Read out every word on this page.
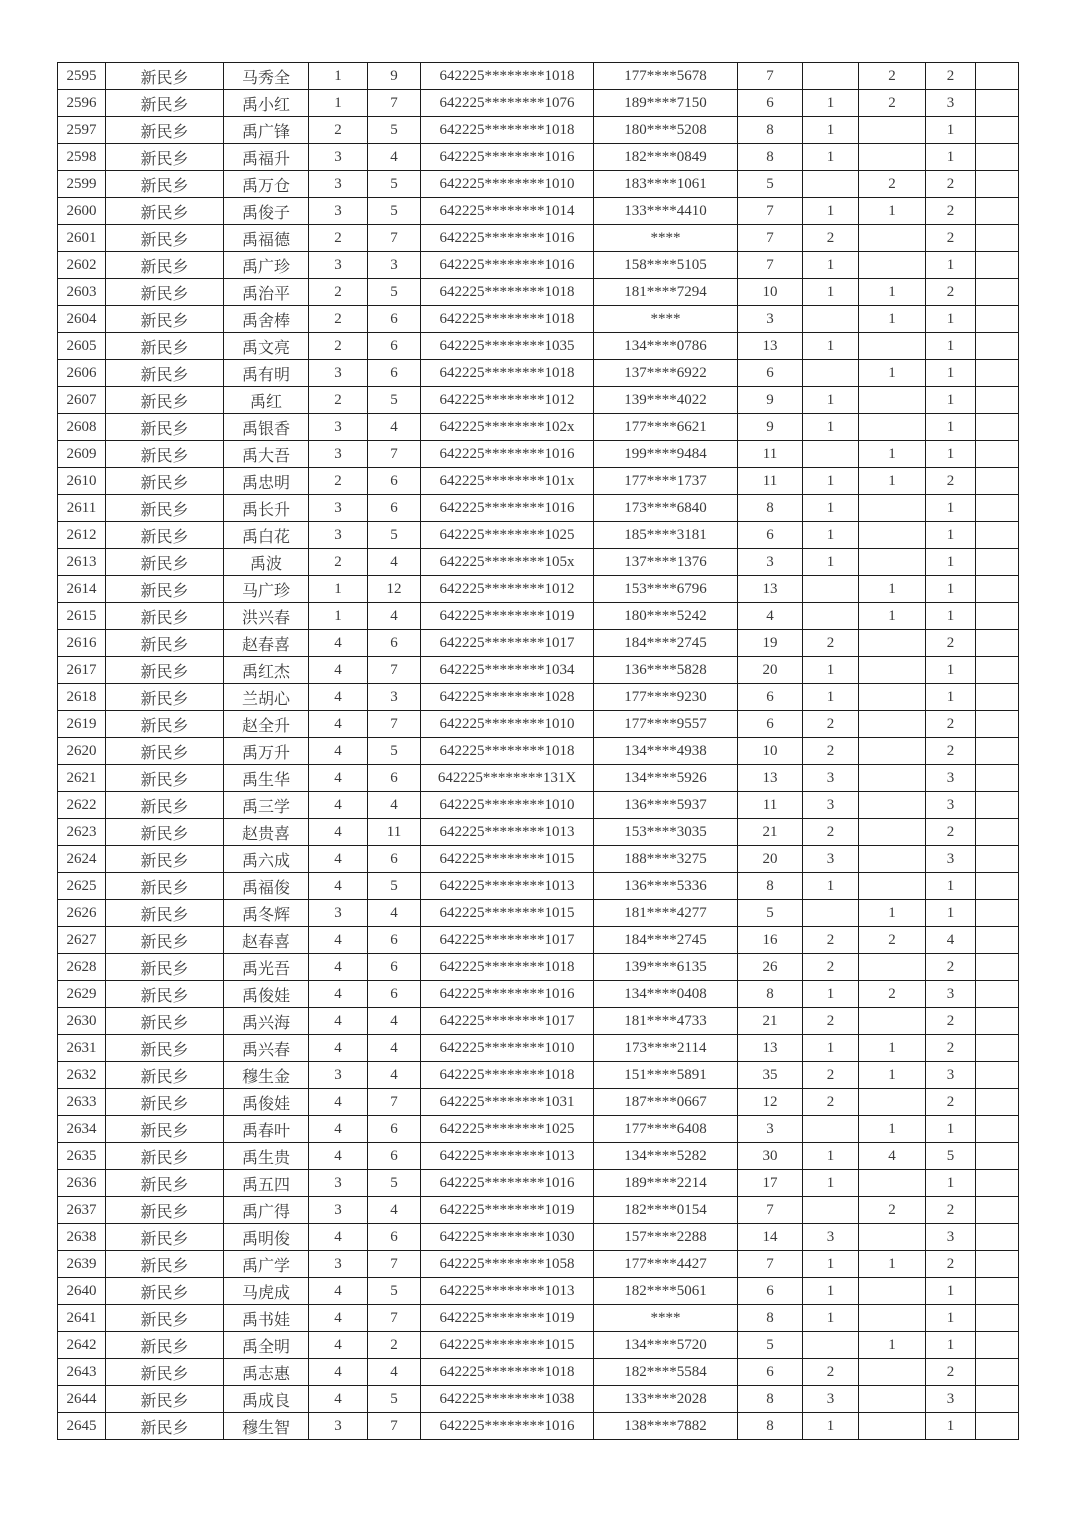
2595	新民乡	马秀全	1	9	642225********1018	177****5678	7		2	2	
2596	新民乡	禹小红	1	7	642225********1076	189****7150	6	1	2	3	
2597	新民乡	禹广锋	2	5	642225********1018	180****5208	8	1		1	
2598	新民乡	禹福升	3	4	642225********1016	182****0849	8	1		1	
2599	新民乡	禹万仓	3	5	642225********1010	183****1061	5		2	2	
2600	新民乡	禹俊子	3	5	642225********1014	133****4410	7	1	1	2	
2601	新民乡	禹福德	2	7	642225********1016	****	7	2		2	
2602	新民乡	禹广珍	3	3	642225********1016	158****5105	7	1		1	
2603	新民乡	禹治平	2	5	642225********1018	181****7294	10	1	1	2	
2604	新民乡	禹舍棒	2	6	642225********1018	****	3		1	1	
2605	新民乡	禹文亮	2	6	642225********1035	134****0786	13	1		1	
2606	新民乡	禹有明	3	6	642225********1018	137****6922	6		1	1	
2607	新民乡	禹红	2	5	642225********1012	139****4022	9	1		1	
2608	新民乡	禹银香	3	4	642225********102x	177****6621	9	1		1	
2609	新民乡	禹大吾	3	7	642225********1016	199****9484	11		1	1	
2610	新民乡	禹忠明	2	6	642225********101x	177****1737	11	1	1	2	
2611	新民乡	禹长升	3	6	642225********1016	173****6840	8	1		1	
2612	新民乡	禹白花	3	5	642225********1025	185****3181	6	1		1	
2613	新民乡	禹波	2	4	642225********105x	137****1376	3	1		1	
2614	新民乡	马广珍	1	12	642225********1012	153****6796	13		1	1	
2615	新民乡	洪兴春	1	4	642225********1019	180****5242	4		1	1	
2616	新民乡	赵春喜	4	6	642225********1017	184****2745	19	2		2	
2617	新民乡	禹红杰	4	7	642225********1034	136****5828	20	1		1	
2618	新民乡	兰胡心	4	3	642225********1028	177****9230	6	1		1	
2619	新民乡	赵全升	4	7	642225********1010	177****9557	6	2		2	
2620	新民乡	禹万升	4	5	642225********1018	134****4938	10	2		2	
2621	新民乡	禹生华	4	6	642225********131X	134****5926	13	3		3	
2622	新民乡	禹三学	4	4	642225********1010	136****5937	11	3		3	
2623	新民乡	赵贵喜	4	11	642225********1013	153****3035	21	2		2	
2624	新民乡	禹六成	4	6	642225********1015	188****3275	20	3		3	
2625	新民乡	禹福俊	4	5	642225********1013	136****5336	8	1		1	
2626	新民乡	禹冬辉	3	4	642225********1015	181****4277	5		1	1	
2627	新民乡	赵春喜	4	6	642225********1017	184****2745	16	2	2	4	
2628	新民乡	禹光吾	4	6	642225********1018	139****6135	26	2		2	
2629	新民乡	禹俊娃	4	6	642225********1016	134****0408	8	1	2	3	
2630	新民乡	禹兴海	4	4	642225********1017	181****4733	21	2		2	
2631	新民乡	禹兴春	4	4	642225********1010	173****2114	13	1	1	2	
2632	新民乡	穆生金	3	4	642225********1018	151****5891	35	2	1	3	
2633	新民乡	禹俊娃	4	7	642225********1031	187****0667	12	2		2	
2634	新民乡	禹春叶	4	6	642225********1025	177****6408	3		1	1	
2635	新民乡	禹生贵	4	6	642225********1013	134****5282	30	1	4	5	
2636	新民乡	禹五四	3	5	642225********1016	189****2214	17	1		1	
2637	新民乡	禹广得	3	4	642225********1019	182****0154	7		2	2	
2638	新民乡	禹明俊	4	6	642225********1030	157****2288	14	3		3	
2639	新民乡	禹广学	3	7	642225********1058	177****4427	7	1	1	2	
2640	新民乡	马虎成	4	5	642225********1013	182****5061	6	1		1	
2641	新民乡	禹书娃	4	7	642225********1019	****	8	1		1	
2642	新民乡	禹全明	4	2	642225********1015	134****5720	5		1	1	
2643	新民乡	禹志惠	4	4	642225********1018	182****5584	6	2		2	
2644	新民乡	禹成良	4	5	642225********1038	133****2028	8	3		3	
2645	新民乡	穆生智	3	7	642225********1016	138****7882	8	1		1	
